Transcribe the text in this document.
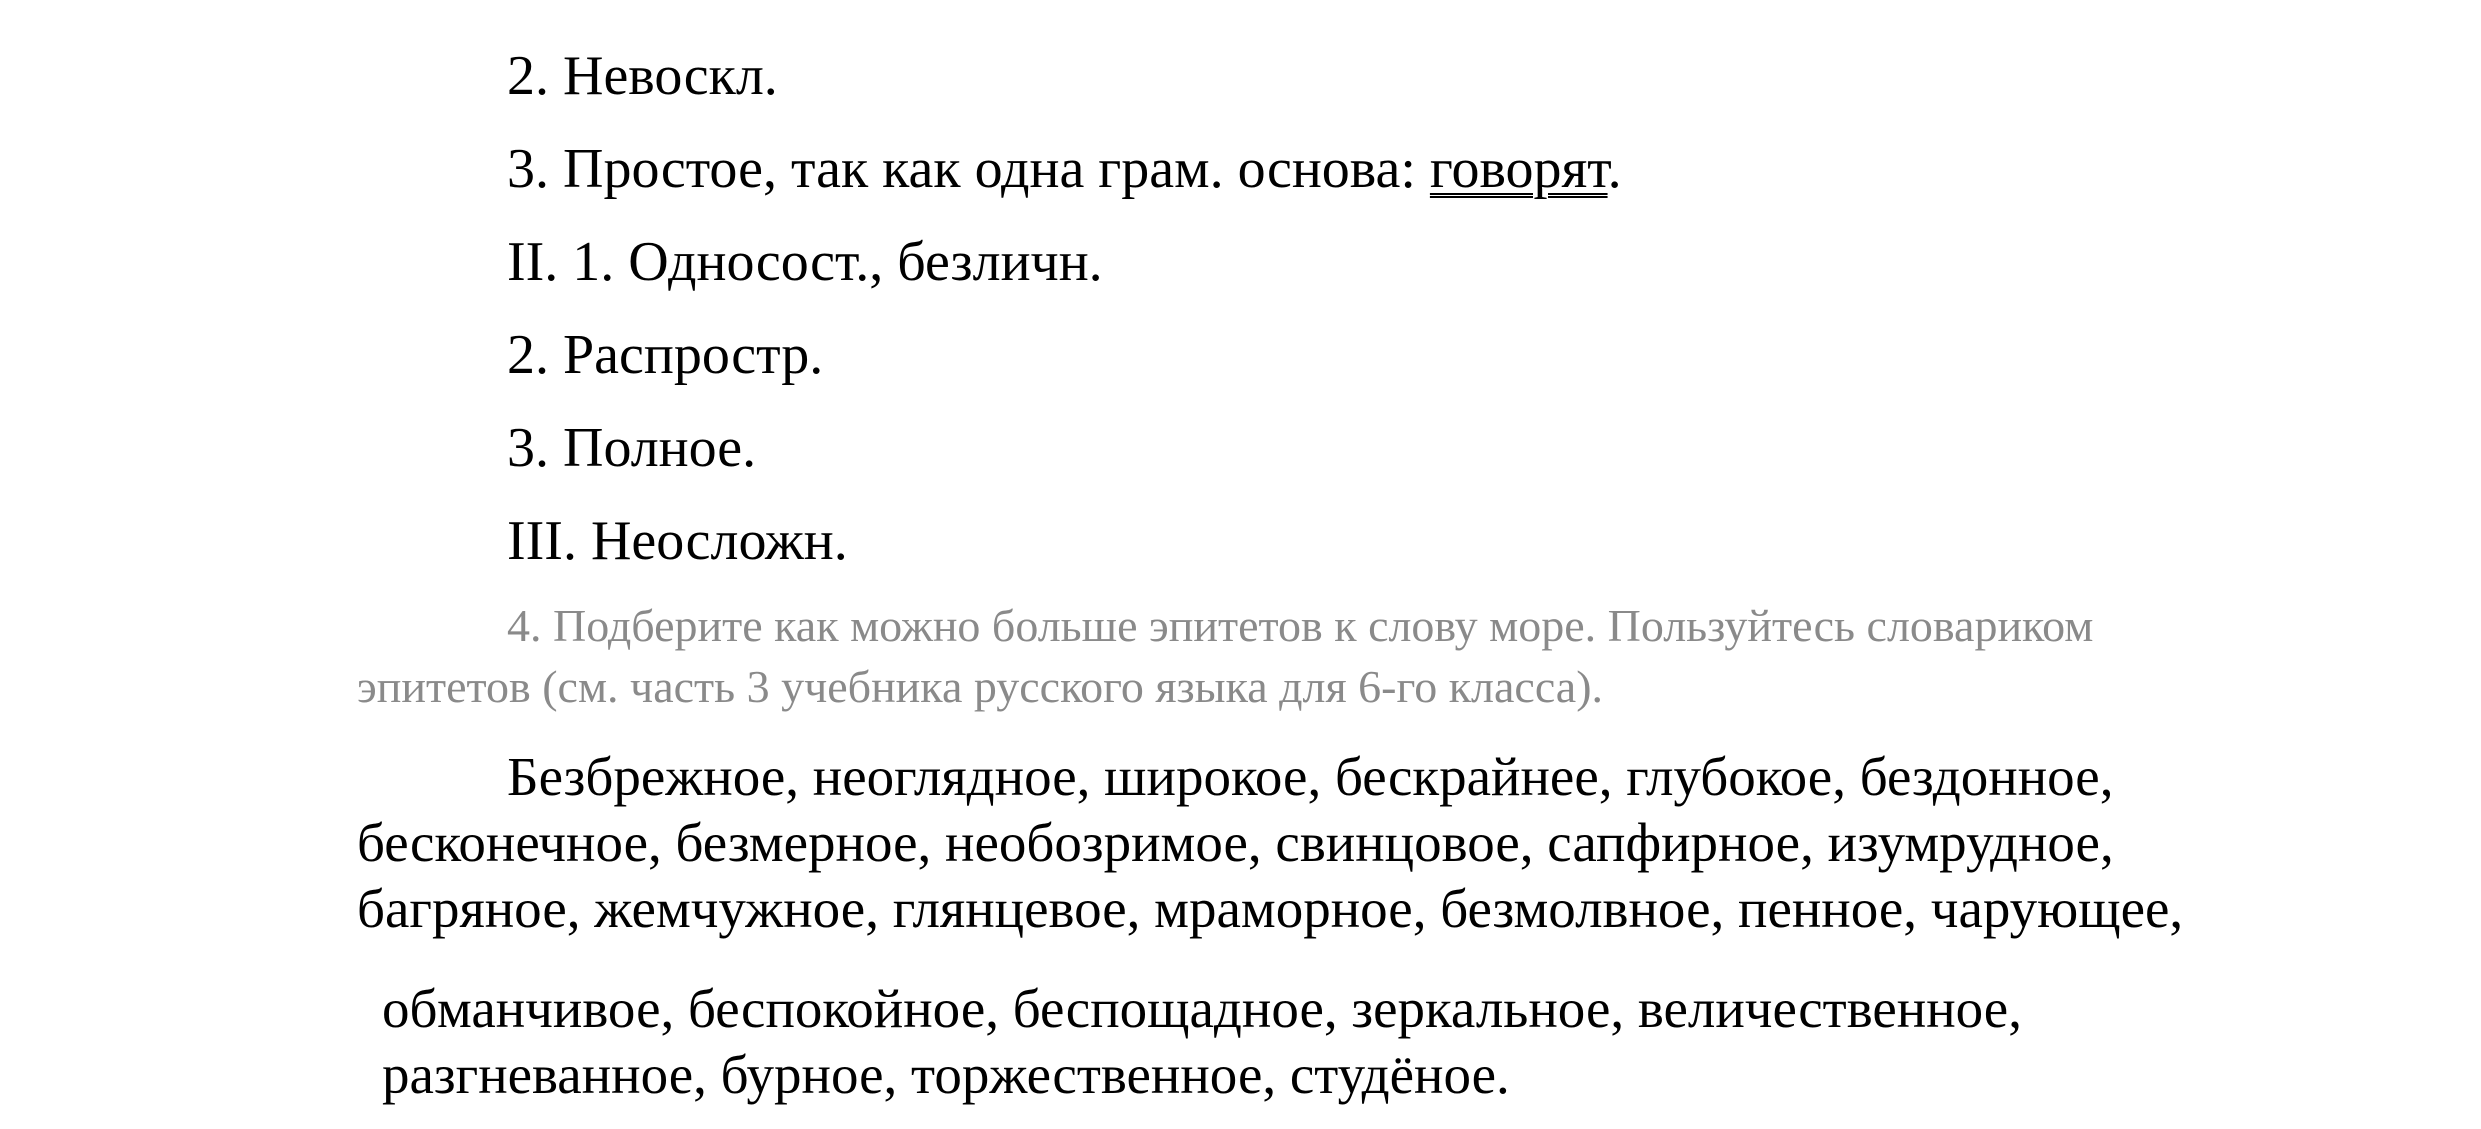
2. Невоскл.
3. Простое, так как одна грам. основа: говорят.
II. 1. Односост., безличн.
2. Распростр.
3. Полное.
III. Неосложн.
4. Подберите как можно больше эпитетов к слову море. Пользуйтесь словариком
эпитетов (см. часть 3 учебника русского языка для 6-го класса).
Безбрежное, неоглядное, широкое, бескрайнее, глубокое, бездонное,
бесконечное, безмерное, необозримое, свинцовое, сапфирное, изумрудное,
багряное, жемчужное, глянцевое, мраморное, безмолвное, пенное, чарующее,
обманчивое, беспокойное, беспощадное, зеркальное, величественное,
разгневанное, бурное, торжественное, студёное.
